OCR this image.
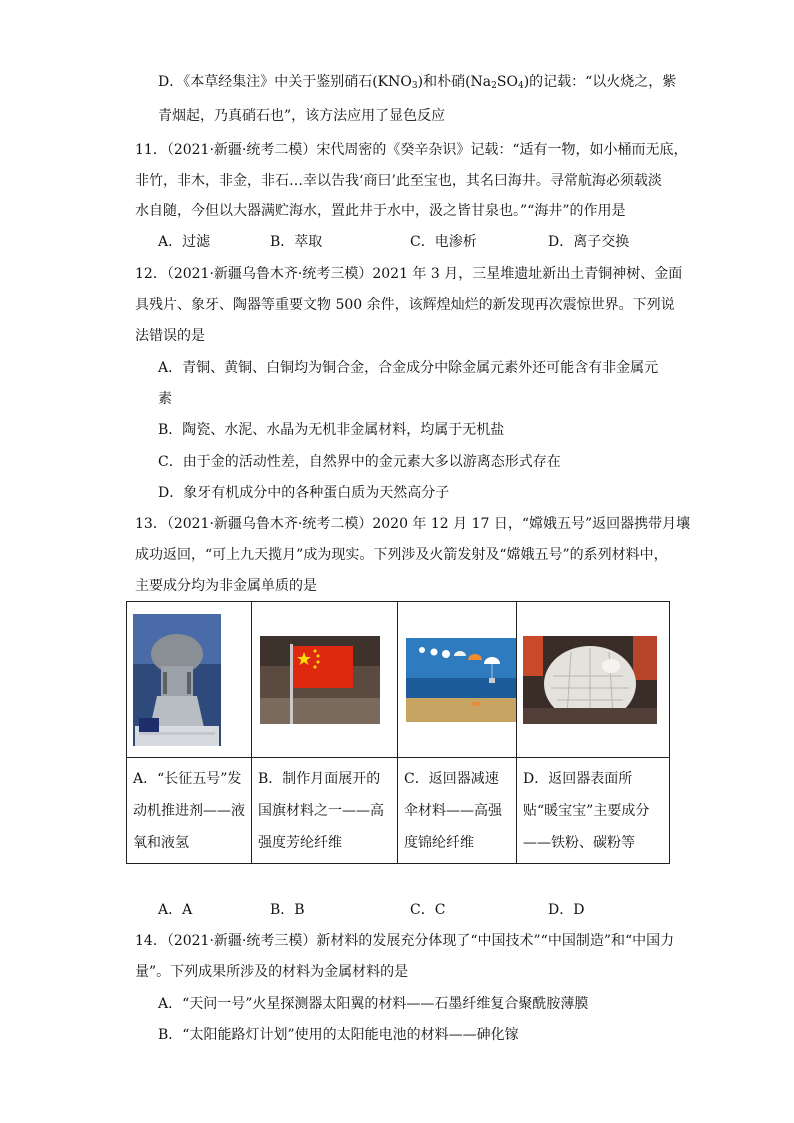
D．《本草经集注》中关于鉴别硝石$(KNO_3)$和朴硝$(Na_2SO_4)$的记载：“以火烧之，紫
青烟起，乃真硝石也”，该方法应用了显色反应
11．（2021·新疆·统考二模）宋代周密的《癸辛杂识》记载：“适有一物，如小桶而无底，
非竹，非木，非金，非石…幸以告我‘商曰’此至宝也，其名曰海井。寻常航海必须载淡
水自随，今但以大器满贮海水，置此井于水中，汲之皆甘泉也。”“海井”的作用是
A．过滤	B．萃取	C．电渗析	D．离子交换
12．（2021·新疆乌鲁木齐·统考三模）2021 年 3 月，三星堆遗址新出土青铜神树、金面
具残片、象牙、陶器等重要文物 500 余件，该辉煌灿烂的新发现再次震惊世界。下列说
法错误的是
A．青铜、黄铜、白铜均为铜合金，合金成分中除金属元素外还可能含有非金属元
素
B．陶瓷、水泥、水晶为无机非金属材料，均属于无机盐
C．由于金的活动性差，自然界中的金元素大多以游离态形式存在
D．象牙有机成分中的各种蛋白质为天然高分子
13．（2021·新疆乌鲁木齐·统考二模）2020 年 12 月 17 日，“嫦娥五号”返回器携带月壤
成功返回，“可上九天揽月”成为现实。下列涉及火箭发射及“嫦娥五号”的系列材料中，
主要成分均为非金属单质的是

A．“长征五号”发动机推进剂——液氧和液氢	B．制作月面展开的国旗材料之一——高强度芳纶纤维	C．返回器减速伞材料——高强度锦纶纤维	D．返回器表面所贴“暖宝宝”主要成分——铁粉、碳粉等
A．A	B．B	C．C	D．D
14．（2021·新疆·统考三模）新材料的发展充分体现了“中国技术”“中国制造”和“中国力
量”。下列成果所涉及的材料为金属材料的是
A．“天问一号”火星探测器太阳翼的材料——石墨纤维复合聚酰胺薄膜
B．“太阳能路灯计划”使用的太阳能电池的材料——砷化镓
